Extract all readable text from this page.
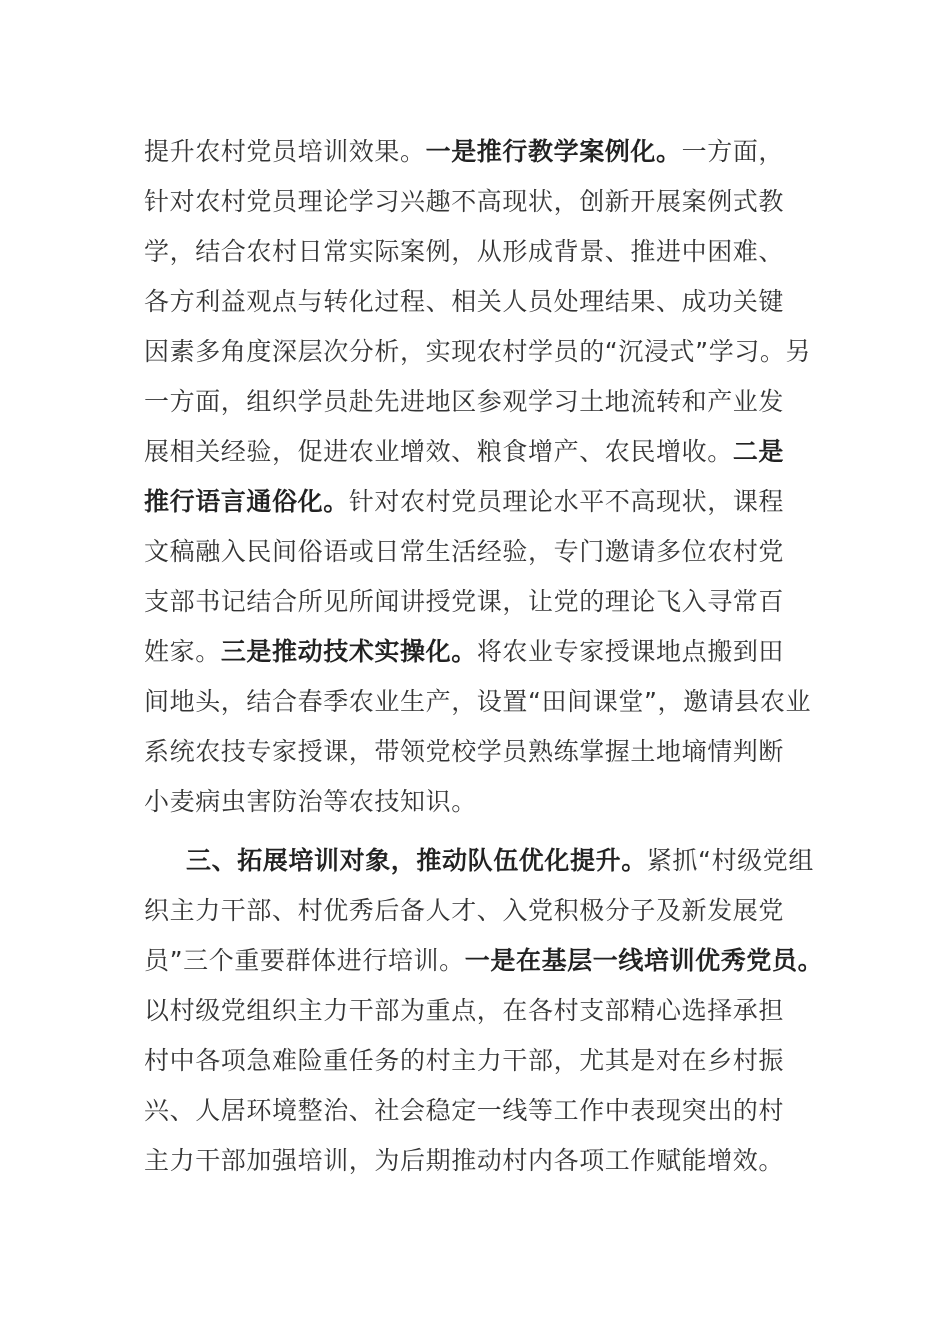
提升农村党员培训效果。一是推行教学案例化。一方面，
针对农村党员理论学习兴趣不高现状，创新开展案例式教
学，结合农村日常实际案例，从形成背景、推进中困难、
各方利益观点与转化过程、相关人员处理结果、成功关键
因素多角度深层次分析，实现农村学员的“沉浸式”学习。另
一方面，组织学员赴先进地区参观学习土地流转和产业发
展相关经验，促进农业增效、粮食增产、农民增收。二是
推行语言通俗化。针对农村党员理论水平不高现状，课程
文稿融入民间俗语或日常生活经验，专门邀请多位农村党
支部书记结合所见所闻讲授党课，让党的理论飞入寻常百
姓家。三是推动技术实操化。将农业专家授课地点搬到田
间地头，结合春季农业生产，设置“田间课堂”，邀请县农业
系统农技专家授课，带领党校学员熟练掌握土地墒情判断
小麦病虫害防治等农技知识。
三、拓展培训对象，推动队伍优化提升。紧抓“村级党组
织主力干部、村优秀后备人才、入党积极分子及新发展党
员”三个重要群体进行培训。一是在基层一线培训优秀党员。
以村级党组织主力干部为重点，在各村支部精心选择承担
村中各项急难险重任务的村主力干部，尤其是对在乡村振
兴、人居环境整治、社会稳定一线等工作中表现突出的村
主力干部加强培训，为后期推动村内各项工作赋能增效。
